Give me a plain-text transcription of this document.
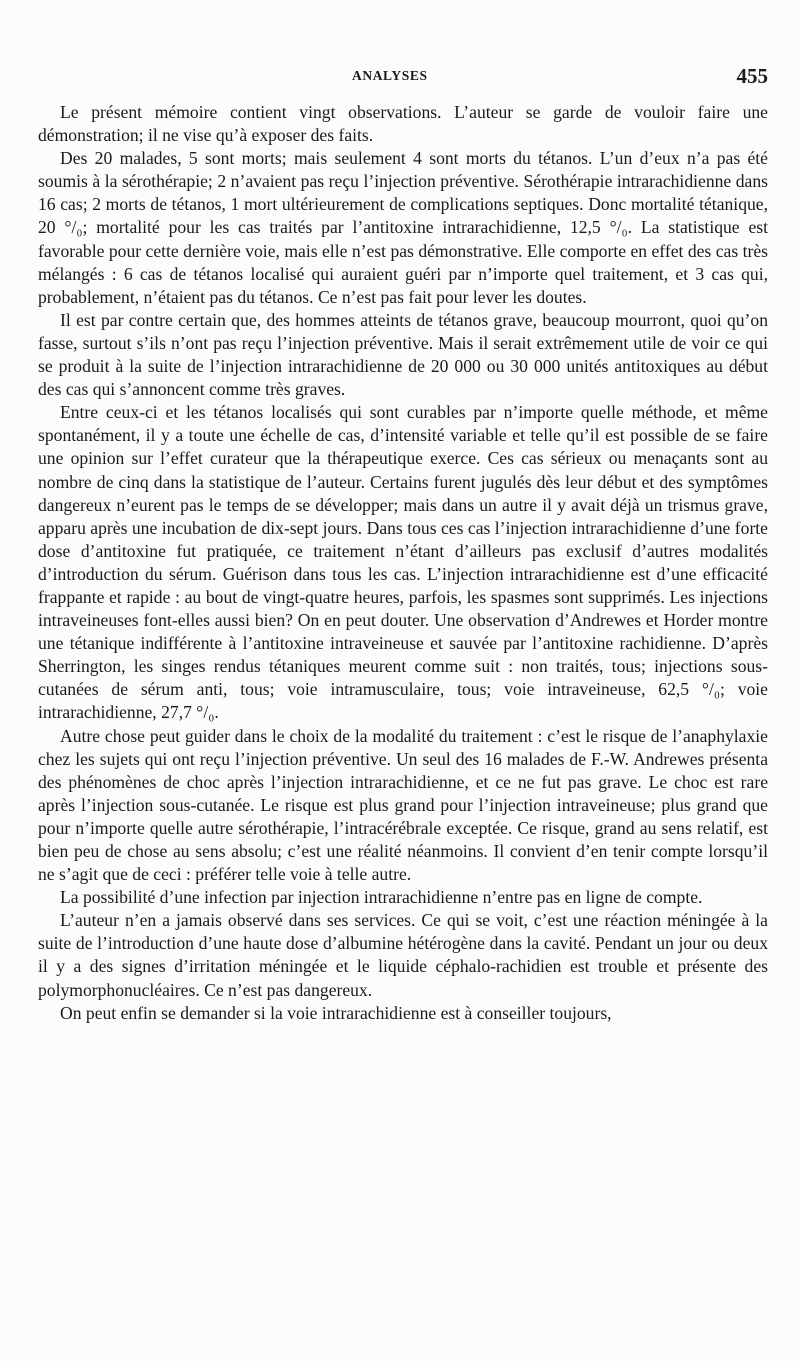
ANALYSES	455

Le présent mémoire contient vingt observations. L’auteur se garde de vouloir faire une démonstration; il ne vise qu’à exposer des faits.

Des 20 malades, 5 sont morts; mais seulement 4 sont morts du tétanos. L’un d’eux n’a pas été soumis à la sérothérapie; 2 n’avaient pas reçu l’injection préventive. Sérothérapie intrarachidienne dans 16 cas; 2 morts de tétanos, 1 mort ultérieurement de complications septiques. Donc mortalité tétanique, 20 °/₀; mortalité pour les cas traités par l’antitoxine intrarachidienne, 12,5 °/₀. La statistique est favorable pour cette dernière voie, mais elle n’est pas démonstrative. Elle comporte en effet des cas très mélangés : 6 cas de tétanos localisé qui auraient guéri par n’importe quel traitement, et 3 cas qui, probablement, n’étaient pas du tétanos. Ce n’est pas fait pour lever les doutes.

Il est par contre certain que, des hommes atteints de tétanos grave, beaucoup mourront, quoi qu’on fasse, surtout s’ils n’ont pas reçu l’injection préventive. Mais il serait extrêmement utile de voir ce qui se produit à la suite de l’injection intrarachidienne de 20 000 ou 30 000 unités antitoxiques au début des cas qui s’annoncent comme très graves.

Entre ceux-ci et les tétanos localisés qui sont curables par n’importe quelle méthode, et même spontanément, il y a toute une échelle de cas, d’intensité variable et telle qu’il est possible de se faire une opinion sur l’effet curateur que la thérapeutique exerce. Ces cas sérieux ou menaçants sont au nombre de cinq dans la statistique de l’auteur. Certains furent jugulés dès leur début et des symptômes dangereux n’eurent pas le temps de se développer; mais dans un autre il y avait déjà un trismus grave, apparu après une incubation de dix-sept jours. Dans tous ces cas l’injection intrarachidienne d’une forte dose d’antitoxine fut pratiquée, ce traitement n’étant d’ailleurs pas exclusif d’autres modalités d’introduction du sérum. Guérison dans tous les cas. L’injection intrarachidienne est d’une efficacité frappante et rapide : au bout de vingt-quatre heures, parfois, les spasmes sont supprimés. Les injections intraveineuses font-elles aussi bien? On en peut douter. Une observation d’Andrewes et Horder montre une tétanique indifférente à l’antitoxine intraveineuse et sauvée par l’antitoxine rachidienne. D’après Sherrington, les singes rendus tétaniques meurent comme suit : non traités, tous; injections sous-cutanées de sérum anti, tous; voie intramusculaire, tous; voie intraveineuse, 62,5 °/₀; voie intrarachidienne, 27,7 °/₀.

Autre chose peut guider dans le choix de la modalité du traitement : c’est le risque de l’anaphylaxie chez les sujets qui ont reçu l’injection préventive. Un seul des 16 malades de F.-W. Andrewes présenta des phénomènes de choc après l’injection intrarachidienne, et ce ne fut pas grave. Le choc est rare après l’injection sous-cutanée. Le risque est plus grand pour l’injection intraveineuse; plus grand que pour n’importe quelle autre sérothérapie, l’intracérébrale exceptée. Ce risque, grand au sens relatif, est bien peu de chose au sens absolu; c’est une réalité néanmoins. Il convient d’en tenir compte lorsqu’il ne s’agit que de ceci : préférer telle voie à telle autre.

La possibilité d’une infection par injection intrarachidienne n’entre pas en ligne de compte.

L’auteur n’en a jamais observé dans ses services. Ce qui se voit, c’est une réaction méningée à la suite de l’introduction d’une haute dose d’albumine hétérogène dans la cavité. Pendant un jour ou deux il y a des signes d’irritation méningée et le liquide céphalo-rachidien est trouble et présente des polymorphonucléaires. Ce n’est pas dangereux.

On peut enfin se demander si la voie intrarachidienne est à conseiller toujours,
